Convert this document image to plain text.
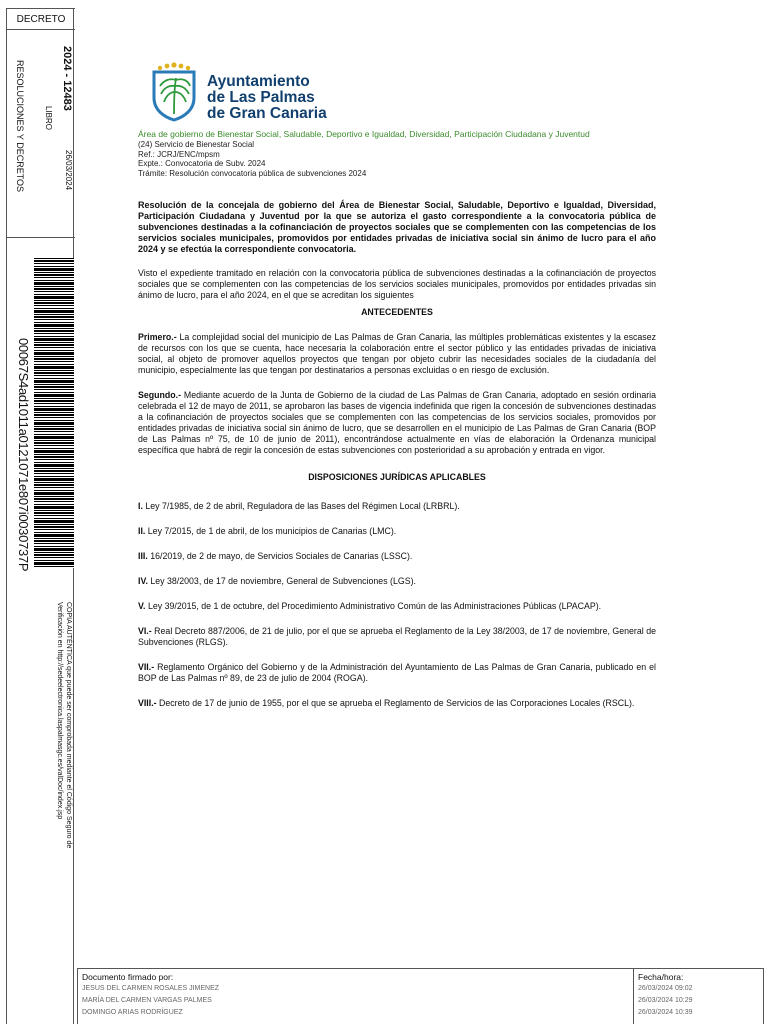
DECRETO
RESOLUCIONES Y DECRETOS LIBRO
2024 - 12483
26/03/2024
00067S4ad1011a0121071e807i0030737P
COPIA AUTÉNTICA que puede ser comprobada mediante el Código Seguro de
Verificación en http://sedeelectronica.laspalmasgc.es/valDoc/index.jsp
Ayuntamiento
de Las Palmas
de Gran Canaria
Área de gobierno de Bienestar Social, Saludable, Deportivo e Igualdad, Diversidad, Participación Ciudadana y Juventud
(24) Servicio de Bienestar Social
Ref.: JCRJ/ENC/mpsm
Expte.: Convocatoria de Subv. 2024
Trámite: Resolución convocatoria pública de subvenciones 2024
Resolución de la concejala de gobierno del Área de Bienestar Social, Saludable, Deportivo e Igualdad, Diversidad, Participación Ciudadana y Juventud por la que se autoriza el gasto correspondiente a la convocatoria pública de subvenciones destinadas a la cofinanciación de proyectos sociales que se complementen con las competencias de los servicios sociales municipales, promovidos por entidades privadas de iniciativa social sin ánimo de lucro para el año 2024 y se efectúa la correspondiente convocatoria.
Visto el expediente tramitado en relación con la convocatoria pública de subvenciones destinadas a la cofinanciación de proyectos sociales que se complementen con las competencias de los servicios sociales municipales, promovidos por entidades privadas sin ánimo de lucro, para el año 2024, en el que se acreditan los siguientes
ANTECEDENTES
Primero.- La complejidad social del municipio de Las Palmas de Gran Canaria, las múltiples problemáticas existentes y la escasez de recursos con los que se cuenta, hace necesaria la colaboración entre el sector público y las entidades privadas de iniciativa social, al objeto de promover aquellos proyectos que tengan por objeto cubrir las necesidades sociales de la ciudadanía del municipio, especialmente las que tengan por destinatarios a personas excluidas o en riesgo de exclusión.
Segundo.- Mediante acuerdo de la Junta de Gobierno de la ciudad de Las Palmas de Gran Canaria, adoptado en sesión ordinaria celebrada el 12 de mayo de 2011, se aprobaron las bases de vigencia indefinida que rigen la concesión de subvenciones destinadas a la cofinanciación de proyectos sociales que se complementen con las competencias de los servicios sociales, promovidos por entidades privadas de iniciativa social sin ánimo de lucro, que se desarrollen en el municipio de Las Palmas de Gran Canaria (BOP de Las Palmas nº 75, de 10 de junio de 2011), encontrándose actualmente en vías de elaboración la Ordenanza municipal específica que habrá de regir la concesión de estas subvenciones con posterioridad a su aprobación y entrada en vigor.
DISPOSICIONES JURÍDICAS APLICABLES
I. Ley 7/1985, de 2 de abril, Reguladora de las Bases del Régimen Local (LRBRL).
II. Ley 7/2015, de 1 de abril, de los municipios de Canarias (LMC).
III. 16/2019, de 2 de mayo, de Servicios Sociales de Canarias (LSSC).
IV. Ley 38/2003, de 17 de noviembre, General de Subvenciones (LGS).
V. Ley 39/2015, de 1 de octubre, del Procedimiento Administrativo Común de las Administraciones Públicas (LPACAP).
VI.- Real Decreto 887/2006, de 21 de julio, por el que se aprueba el Reglamento de la Ley 38/2003, de 17 de noviembre, General de Subvenciones (RLGS).
VII.- Reglamento Orgánico del Gobierno y de la Administración del Ayuntamiento de Las Palmas de Gran Canaria, publicado en el BOP de Las Palmas nº 89, de 23 de julio de 2004 (ROGA).
VIII.- Decreto de 17 de junio de 1955, por el que se aprueba el Reglamento de Servicios de las Corporaciones Locales (RSCL).
Documento firmado por:
JESUS DEL CARMEN ROSALES JIMENEZ
MARÍA DEL CARMEN VARGAS PALMES
DOMINGO ARIAS RODRÍGUEZ
Fecha/hora:
26/03/2024 09:02
26/03/2024 10:29
26/03/2024 10:39
